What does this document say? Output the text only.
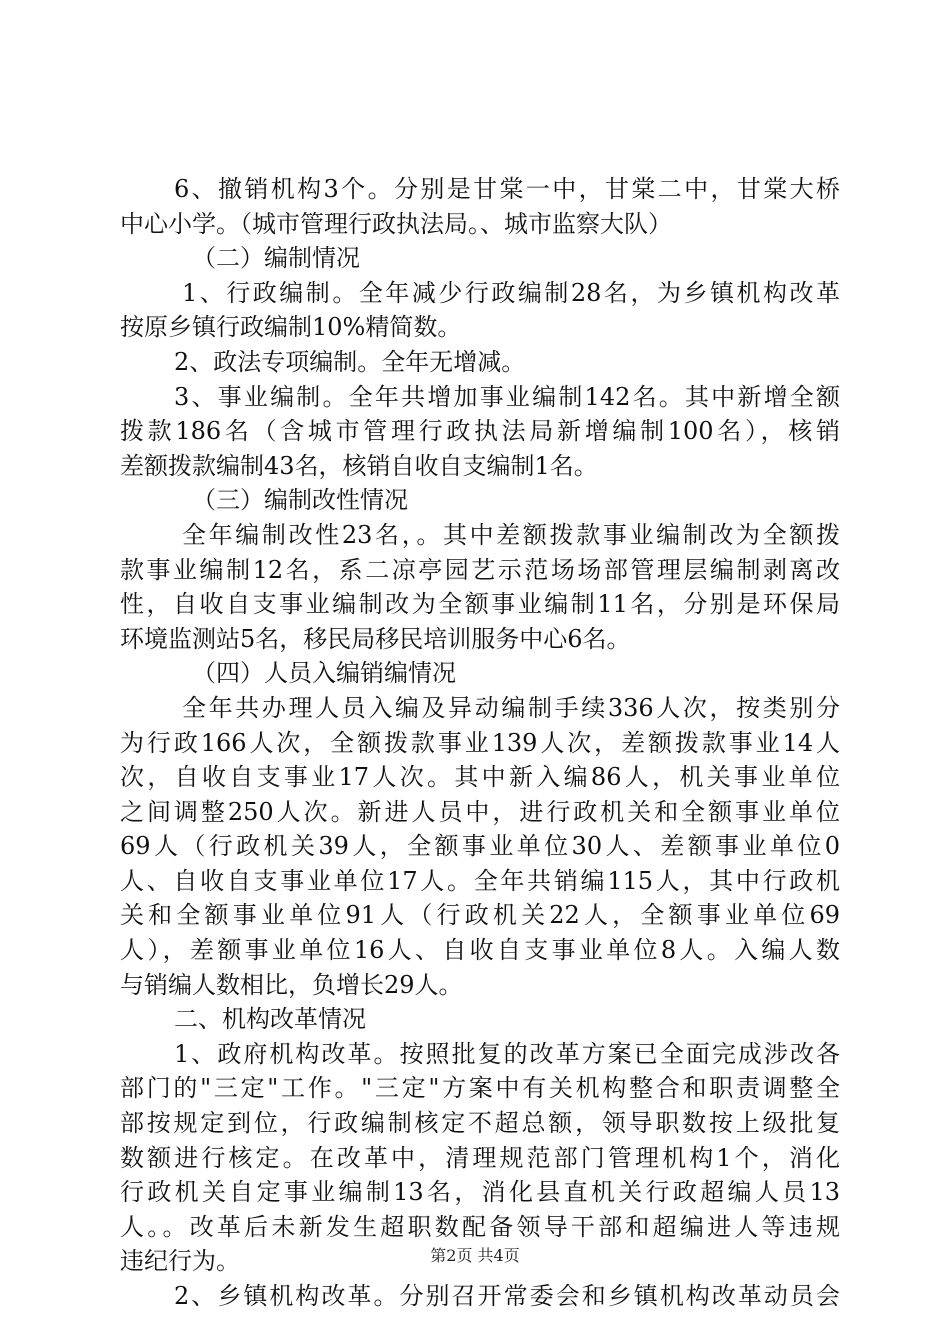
6、撤销机构3个。分别是甘棠一中，甘棠二中，甘棠大桥
中心小学。（城市管理行政执法局。、城市监察大队）
（二）编制情况
1、行政编制。全年减少行政编制28名，为乡镇机构改革
按原乡镇行政编制10%精简数。
2、政法专项编制。全年无增减。
3、事业编制。全年共增加事业编制142名。其中新增全额
拨款186名（含城市管理行政执法局新增编制100名），核销
差额拨款编制43名，核销自收自支编制1名。
（三）编制改性情况
全年编制改性23名，。其中差额拨款事业编制改为全额拨
款事业编制12名，系二凉亭园艺示范场场部管理层编制剥离改
性，自收自支事业编制改为全额事业编制11名，分别是环保局
环境监测站5名，移民局移民培训服务中心6名。
（四）人员入编销编情况
全年共办理人员入编及异动编制手续336人次，按类别分
为行政166人次，全额拨款事业139人次，差额拨款事业14人
次，自收自支事业17人次。其中新入编86人，机关事业单位
之间调整250人次。新进人员中，进行政机关和全额事业单位
69人（行政机关39人，全额事业单位30人、差额事业单位0
人、自收自支事业单位17人。全年共销编115人，其中行政机
关和全额事业单位91人（行政机关22人，全额事业单位69
人），差额事业单位16人、自收自支事业单位8人。入编人数
与销编人数相比，负增长29人。
二、机构改革情况
1、政府机构改革。按照批复的改革方案已全面完成涉改各
部门的"三定"工作。"三定"方案中有关机构整合和职责调整全
部按规定到位，行政编制核定不超总额，领导职数按上级批复
数额进行核定。在改革中，清理规范部门管理机构1个，消化
行政机关自定事业编制13名，消化县直机关行政超编人员13
人。。改革后未新发生超职数配备领导干部和超编进人等违规
违纪行为。
2、乡镇机构改革。分别召开常委会和乡镇机构改革动员会
第2页 共4页
